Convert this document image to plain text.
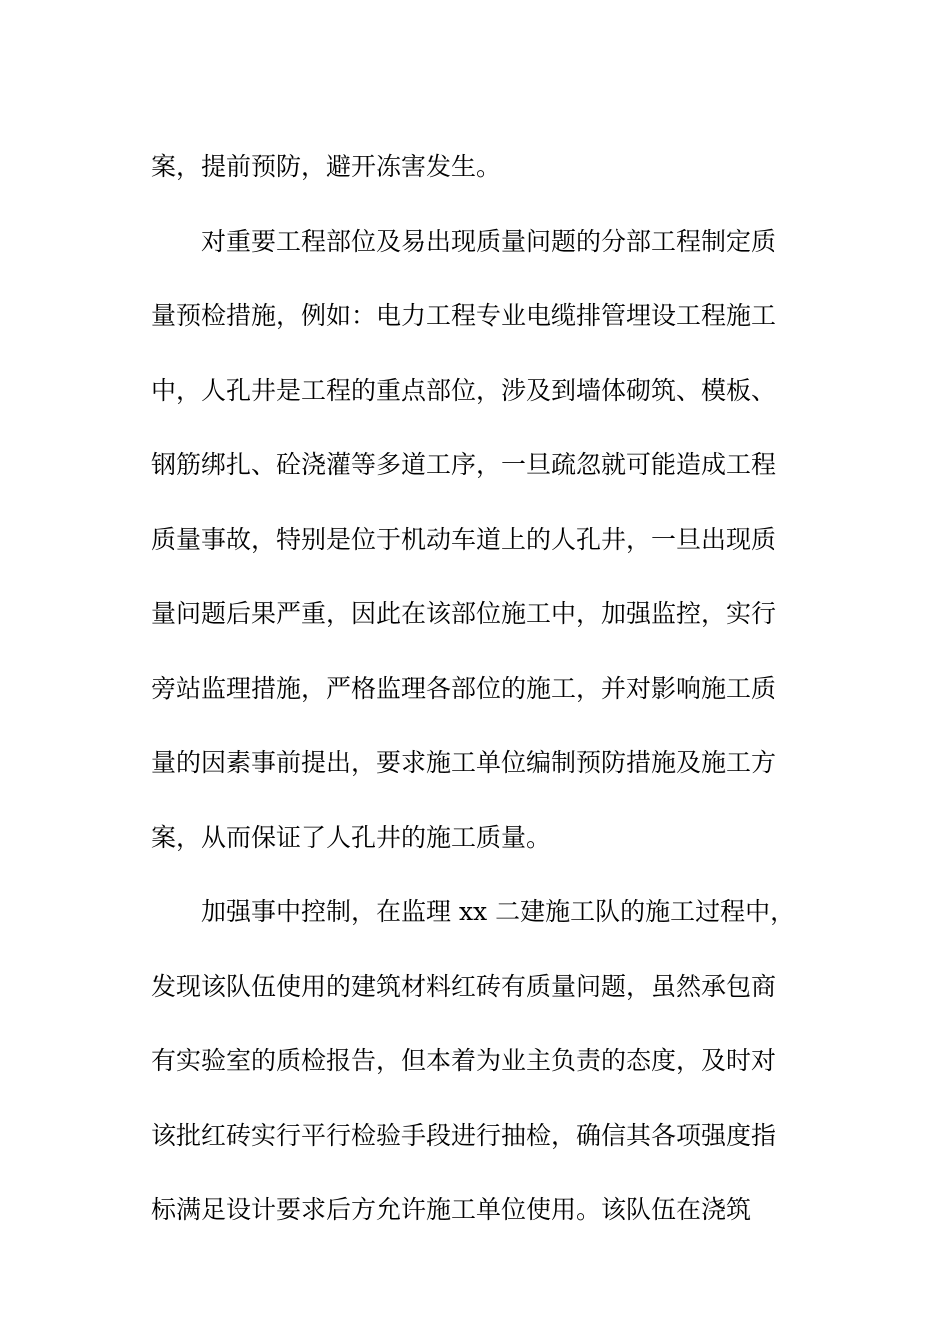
案，提前预防，避开冻害发生。
对重要工程部位及易出现质量问题的分部工程制定质
量预检措施，例如：电力工程专业电缆排管埋设工程施工
中，人孔井是工程的重点部位，涉及到墙体砌筑、模板、
钢筋绑扎、砼浇灌等多道工序，一旦疏忽就可能造成工程
质量事故，特别是位于机动车道上的人孔井，一旦出现质
量问题后果严重，因此在该部位施工中，加强监控，实行
旁站监理措施，严格监理各部位的施工，并对影响施工质
量的因素事前提出，要求施工单位编制预防措施及施工方
案，从而保证了人孔井的施工质量。
加强事中控制，在监理 xx 二建施工队的施工过程中，
发现该队伍使用的建筑材料红砖有质量问题，虽然承包商
有实验室的质检报告，但本着为业主负责的态度，及时对
该批红砖实行平行检验手段进行抽检，确信其各项强度指
标满足设计要求后方允许施工单位使用。该队伍在浇筑
